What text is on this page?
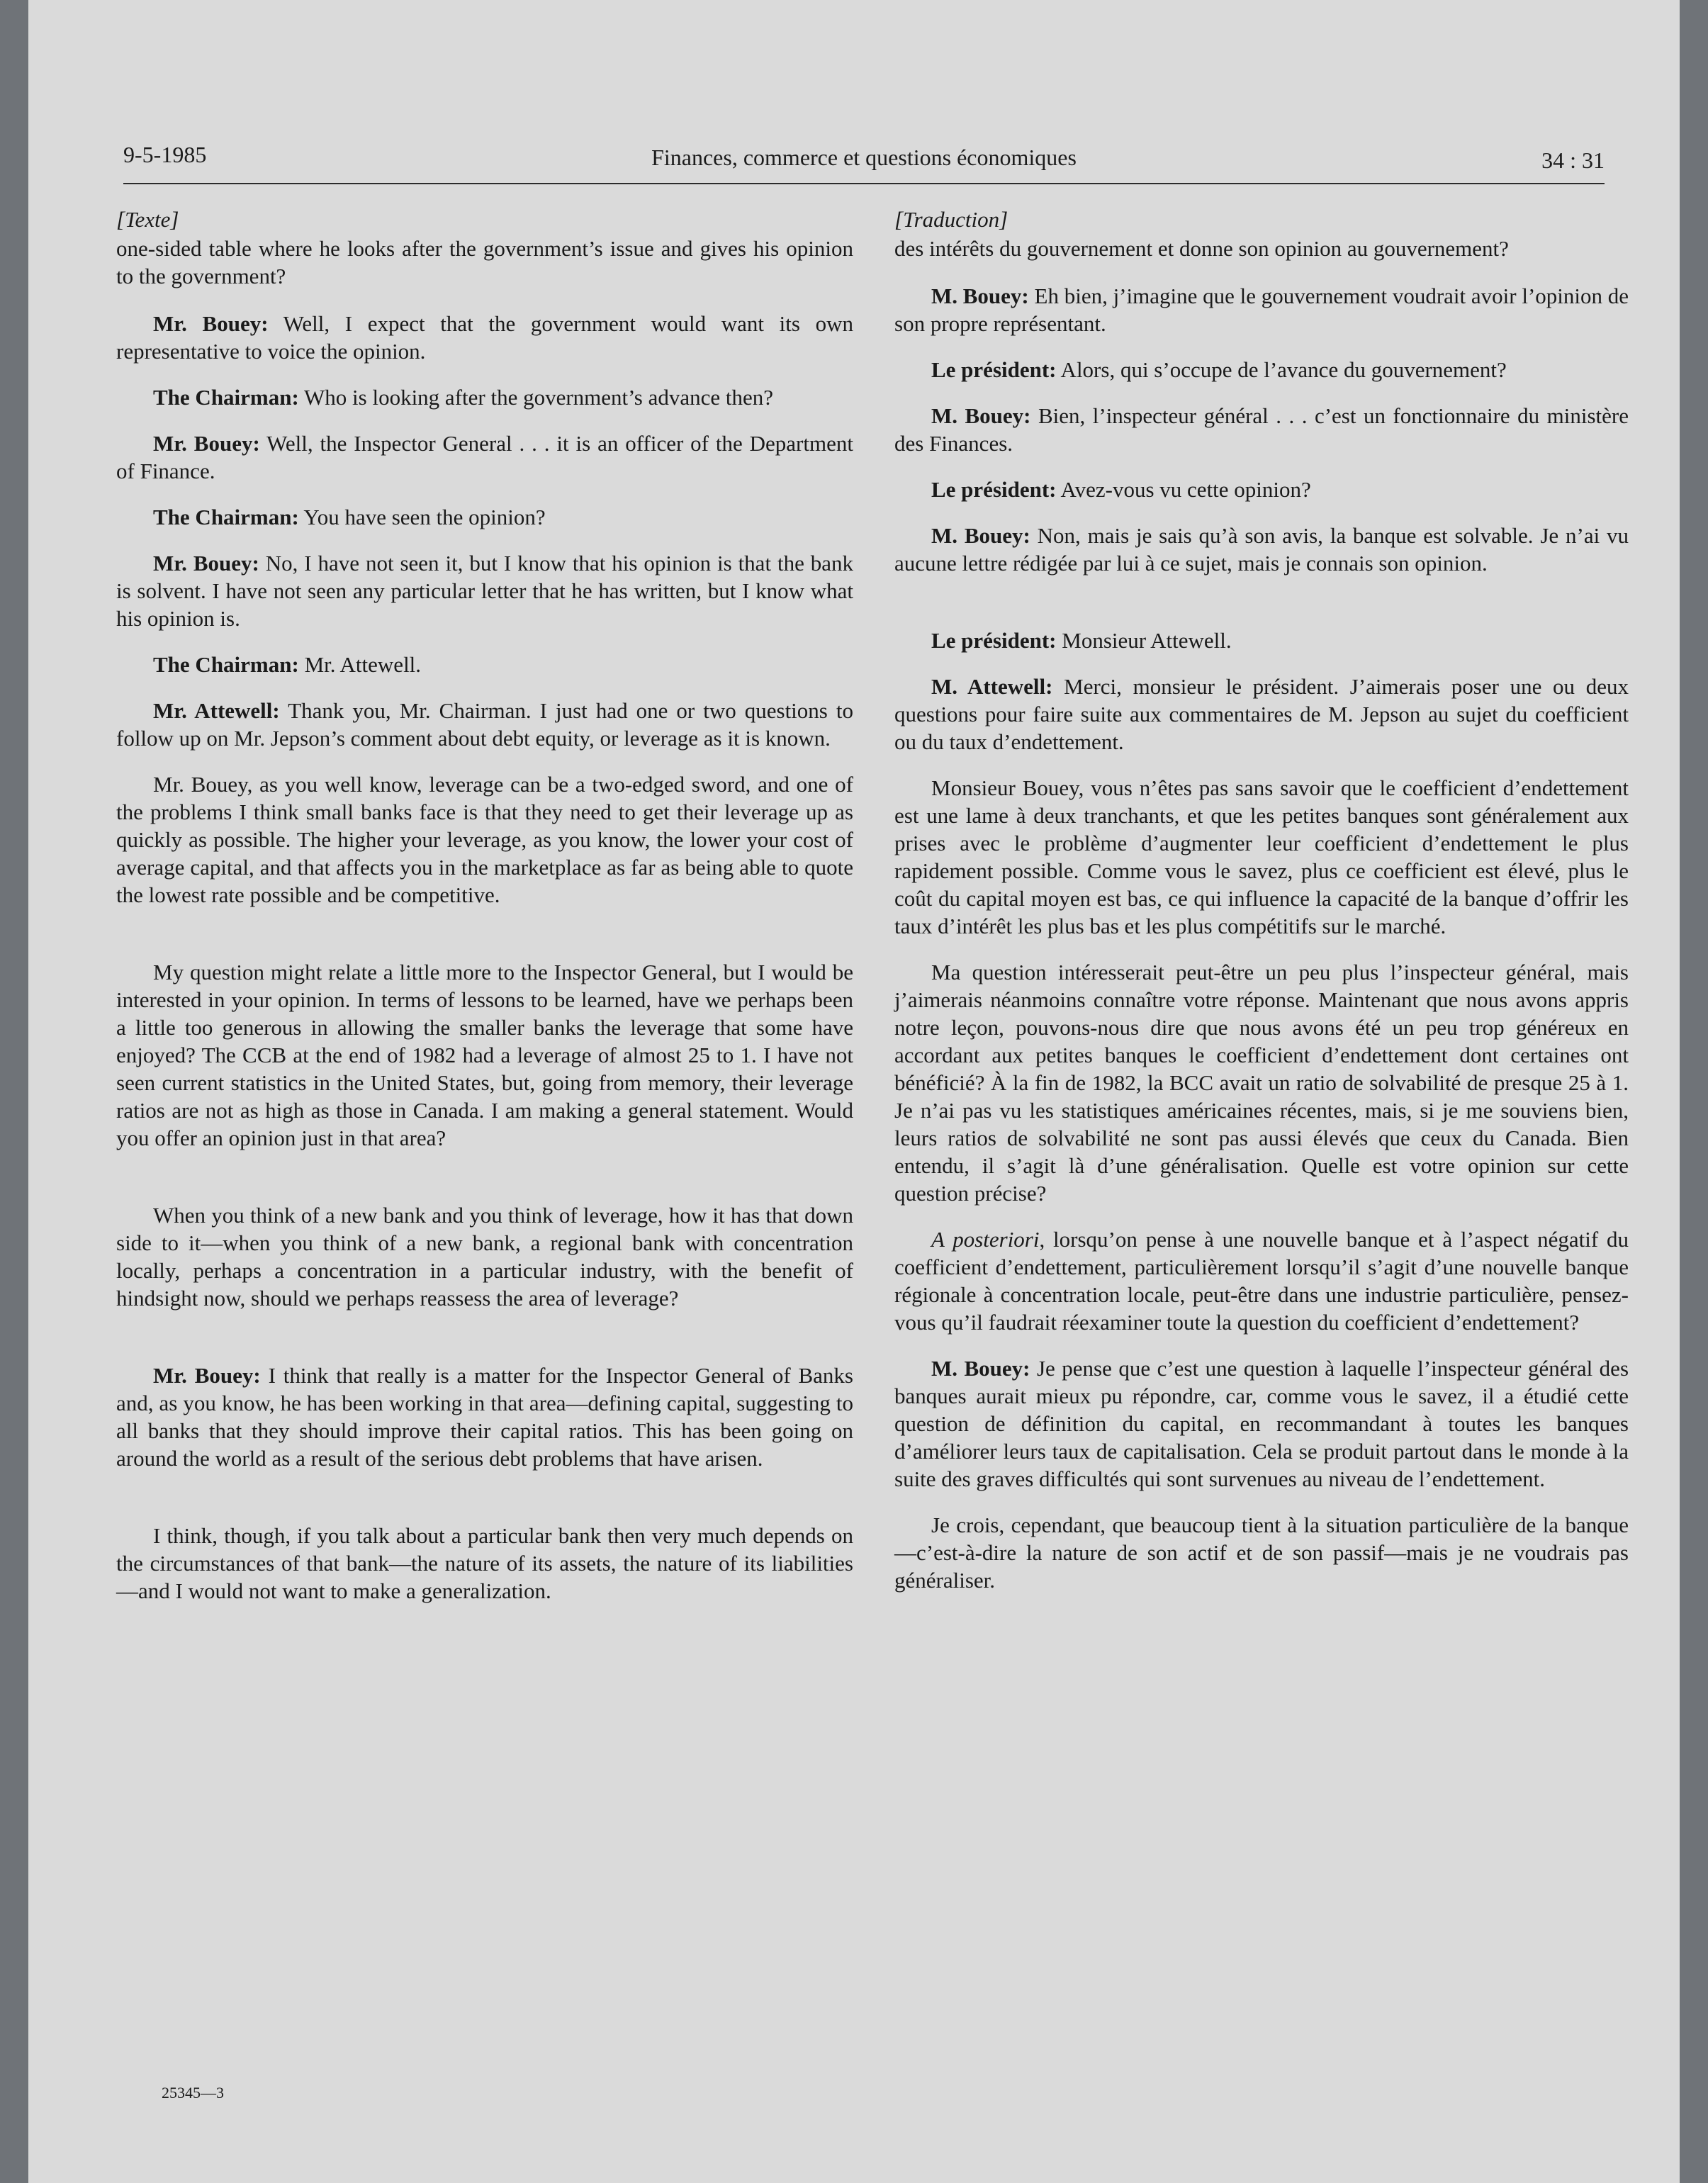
9-5-1985	Finances, commerce et questions économiques	34 : 31
[Texte]

one-sided table where he looks after the government’s issue and gives his opinion to the government?

Mr. Bouey: Well, I expect that the government would want its own representative to voice the opinion.

The Chairman: Who is looking after the government’s advance then?

Mr. Bouey: Well, the Inspector General . . . it is an officer of the Department of Finance.

The Chairman: You have seen the opinion?

Mr. Bouey: No, I have not seen it, but I know that his opinion is that the bank is solvent. I have not seen any particular letter that he has written, but I know what his opinion is.

The Chairman: Mr. Attewell.

Mr. Attewell: Thank you, Mr. Chairman. I just had one or two questions to follow up on Mr. Jepson’s comment about debt equity, or leverage as it is known.

Mr. Bouey, as you well know, leverage can be a two-edged sword, and one of the problems I think small banks face is that they need to get their leverage up as quickly as possible. The higher your leverage, as you know, the lower your cost of average capital, and that affects you in the marketplace as far as being able to quote the lowest rate possible and be competitive.

My question might relate a little more to the Inspector General, but I would be interested in your opinion. In terms of lessons to be learned, have we perhaps been a little too generous in allowing the smaller banks the leverage that some have enjoyed? The CCB at the end of 1982 had a leverage of almost 25 to 1. I have not seen current statistics in the United States, but, going from memory, their leverage ratios are not as high as those in Canada. I am making a general statement. Would you offer an opinion just in that area?

When you think of a new bank and you think of leverage, how it has that down side to it—when you think of a new bank, a regional bank with concentration locally, perhaps a concentration in a particular industry, with the benefit of hindsight now, should we perhaps reassess the area of leverage?

Mr. Bouey: I think that really is a matter for the Inspector General of Banks and, as you know, he has been working in that area—defining capital, suggesting to all banks that they should improve their capital ratios. This has been going on around the world as a result of the serious debt problems that have arisen.

I think, though, if you talk about a particular bank then very much depends on the circumstances of that bank—the nature of its assets, the nature of its liabilities—and I would not want to make a generalization.

[Traduction]

des intérêts du gouvernement et donne son opinion au gouvernement?

M. Bouey: Eh bien, j’imagine que le gouvernement voudrait avoir l’opinion de son propre représentant.

Le président: Alors, qui s’occupe de l’avance du gouvernement?

M. Bouey: Bien, l’inspecteur général . . . c’est un fonctionnaire du ministère des Finances.

Le président: Avez-vous vu cette opinion?

M. Bouey: Non, mais je sais qu’à son avis, la banque est solvable. Je n’ai vu aucune lettre rédigée par lui à ce sujet, mais je connais son opinion.

Le président: Monsieur Attewell.

M. Attewell: Merci, monsieur le président. J’aimerais poser une ou deux questions pour faire suite aux commentaires de M. Jepson au sujet du coefficient ou du taux d’endettement.

Monsieur Bouey, vous n’êtes pas sans savoir que le coefficient d’endettement est une lame à deux tranchants, et que les petites banques sont généralement aux prises avec le problème d’augmenter leur coefficient d’endettement le plus rapidement possible. Comme vous le savez, plus ce coefficient est élevé, plus le coût du capital moyen est bas, ce qui influence la capacité de la banque d’offrir les taux d’intérêt les plus bas et les plus compétitifs sur le marché.

Ma question intéresserait peut-être un peu plus l’inspecteur général, mais j’aimerais néanmoins connaître votre réponse. Maintenant que nous avons appris notre leçon, pouvons-nous dire que nous avons été un peu trop généreux en accordant aux petites banques le coefficient d’endettement dont certaines ont bénéficié? À la fin de 1982, la BCC avait un ratio de solvabilité de presque 25 à 1. Je n’ai pas vu les statistiques américaines récentes, mais, si je me souviens bien, leurs ratios de solvabilité ne sont pas aussi élevés que ceux du Canada. Bien entendu, il s’agit là d’une généralisation. Quelle est votre opinion sur cette question précise?

A posteriori, lorsqu’on pense à une nouvelle banque et à l’aspect négatif du coefficient d’endettement, particulièrement lorsqu’il s’agit d’une nouvelle banque régionale à concentration locale, peut-être dans une industrie particulière, pensez-vous qu’il faudrait réexaminer toute la question du coefficient d’endettement?

M. Bouey: Je pense que c’est une question à laquelle l’inspecteur général des banques aurait mieux pu répondre, car, comme vous le savez, il a étudié cette question de définition du capital, en recommandant à toutes les banques d’améliorer leurs taux de capitalisation. Cela se produit partout dans le monde à la suite des graves difficultés qui sont survenues au niveau de l’endettement.

Je crois, cependant, que beaucoup tient à la situation particulière de la banque—c’est-à-dire la nature de son actif et de son passif—mais je ne voudrais pas généraliser.

25345—3
